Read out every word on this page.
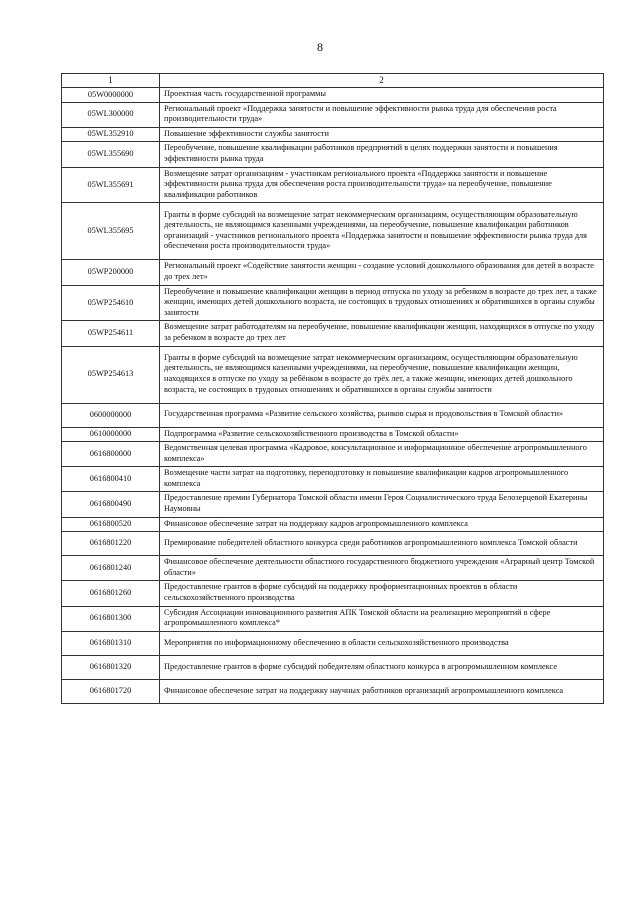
8
1	2
05W0000000	Проектная часть государственной программы
05WL300000	Региональный проект «Поддержка занятости и повышение эффективности рынка труда для обеспечения роста производительности труда»
05WL352910	Повышение эффективности службы занятости
05WL355690	Переобучение, повышение квалификации работников предприятий в целях поддержки занятости и повышения эффективности рынка труда
05WL355691	Возмещение затрат организациям - участникам регионального проекта «Поддержка занятости и повышение эффективности рынка труда для обеспечения роста производительности труда» на переобучение, повышение квалификации работников
05WL355695	Гранты в форме субсидий на возмещение затрат некоммерческим организациям, осуществляющим образовательную деятельность, не являющимся казенными учреждениями, на переобучение, повышение квалификации работников организаций - участников регионального проекта «Поддержка занятости и повышение эффективности рынка труда для обеспечения роста производительности труда»
05WP200000	Региональный проект «Содействие занятости женщин - создание условий дошкольного образования для детей в возрасте до трех лет»
05WP254610	Переобучение и повышение квалификации женщин в период отпуска по уходу за ребенком в возрасте до трех лет, а также женщин, имеющих детей дошкольного возраста, не состоящих в трудовых отношениях и обратившихся в органы службы занятости
05WP254611	Возмещение затрат работодателям на переобучение, повышение квалификации женщин, находящихся в отпуске по уходу за ребенком в возрасте до трех лет
05WP254613	Гранты в форме субсидий на возмещение затрат некоммерческим организациям, осуществляющим образовательную деятельность, не являющимся казенными учреждениями, на переобучение, повышение квалификации женщин, находящихся в отпуске по уходу за ребёнком в возрасте до трёх лет, а также женщин, имеющих детей дошкольного возраста, не состоящих в трудовых отношениях и обратившихся в органы службы занятости
0600000000	Государственная программа «Развитие сельского хозяйства, рынков сырья и продовольствия в Томской области»
0610000000	Подпрограмма «Развитие сельскохозяйственного производства в Томской области»
0616800000	Ведомственная целевая программа «Кадровое, консультационное и информационное обеспечение агропромышленного комплекса»
0616800410	Возмещение части затрат на подготовку, переподготовку и повышение квалификации кадров агропромышленного комплекса
0616800490	Предоставление премии Губернатора Томской области имени Героя Социалистического труда Белозерцевой Екатерины Наумовны
0616800520	Финансовое обеспечение затрат на поддержку кадров агропромышленного комплекса
0616801220	Премирование победителей областного конкурса среди работников агропромышленного комплекса Томской области
0616801240	Финансовое обеспечение деятельности областного государственного бюджетного учреждения «Аграрный центр Томской области»
0616801260	Предоставление грантов в форме субсидий на поддержку профориентационных проектов в области сельскохозяйственного производства
0616801300	Субсидия Ассоциации инновационного развития АПК Томской области на реализацию мероприятий в сфере агропромышленного комплекса*
0616801310	Мероприятия по информационному обеспечению в области сельскохозяйственного производства
0616801320	Предоставление грантов в форме субсидий победителям областного конкурса в агропромышленном комплексе
0616801720	Финансовое обеспечение затрат на поддержку научных работников организаций агропромышленного комплекса
